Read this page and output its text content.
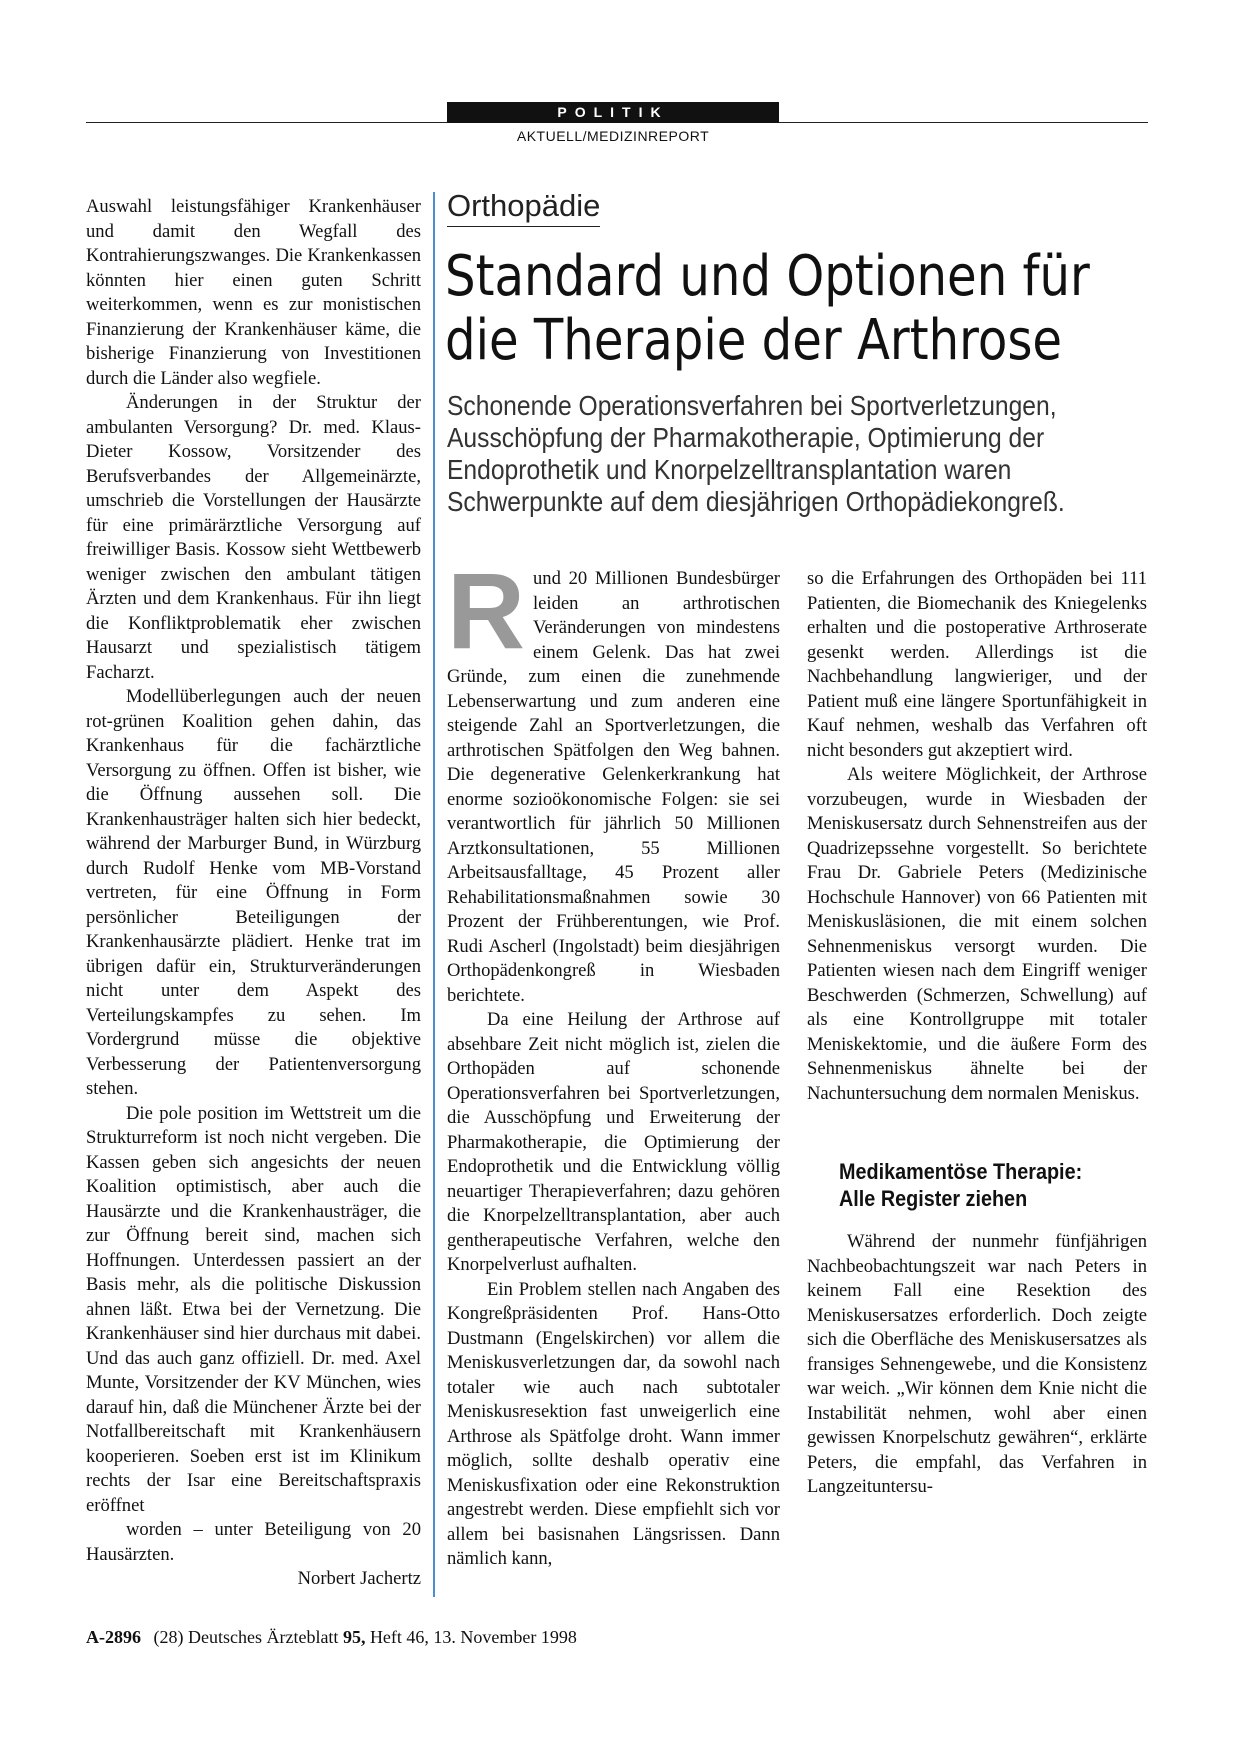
POLITIK
AKTUELL/MEDIZINREPORT

Auswahl leistungsfähiger Krankenhäuser und damit den Wegfall des Kontrahierungszwanges. Die Krankenkassen könnten hier einen guten Schritt weiterkommen, wenn es zur monistischen Finanzierung der Krankenhäuser käme, die bisherige Finanzierung von Investitionen durch die Länder also wegfiele.

Änderungen in der Struktur der ambulanten Versorgung? Dr. med. Klaus-Dieter Kossow, Vorsitzender des Berufsverbandes der Allgemeinärzte, umschrieb die Vorstellungen der Hausärzte für eine primärärztliche Versorgung auf freiwilliger Basis. Kossow sieht Wettbewerb weniger zwischen den ambulant tätigen Ärzten und dem Krankenhaus. Für ihn liegt die Konfliktproblematik eher zwischen Hausarzt und spezialistisch tätigem Facharzt.

Modellüberlegungen auch der neuen rot-grünen Koalition gehen dahin, das Krankenhaus für die fachärztliche Versorgung zu öffnen. Offen ist bisher, wie die Öffnung aussehen soll. Die Krankenhausträger halten sich hier bedeckt, während der Marburger Bund, in Würzburg durch Rudolf Henke vom MB-Vorstand vertreten, für eine Öffnung in Form persönlicher Beteiligungen der Krankenhausärzte plädiert. Henke trat im übrigen dafür ein, Strukturveränderungen nicht unter dem Aspekt des Verteilungskampfes zu sehen. Im Vordergrund müsse die objektive Verbesserung der Patientenversorgung stehen.

Die pole position im Wettstreit um die Strukturreform ist noch nicht vergeben. Die Kassen geben sich angesichts der neuen Koalition optimistisch, aber auch die Hausärzte und die Krankenhausträger, die zur Öffnung bereit sind, machen sich Hoffnungen. Unterdessen passiert an der Basis mehr, als die politische Diskussion ahnen läßt. Etwa bei der Vernetzung. Die Krankenhäuser sind hier durchaus mit dabei. Und das auch ganz offiziell. Dr. med. Axel Munte, Vorsitzender der KV München, wies darauf hin, daß die Münchener Ärzte bei der Notfallbereitschaft mit Krankenhäusern kooperieren. Soeben erst ist im Klinikum rechts der Isar eine Bereitschaftspraxis eröffnet

worden – unter Beteiligung von 20 Hausärzten.

Norbert Jachertz

Orthopädie
Standard und Optionen für
die Therapie der Arthrose

Schonende Operationsverfahren bei Sportverletzungen,
Ausschöpfung der Pharmakotherapie, Optimierung der
Endoprothetik und Knorpelzelltransplantation waren
Schwerpunkte auf dem diesjährigen Orthopädiekongreß.

Rund 20 Millionen Bundesbürger leiden an arthrotischen Veränderungen von mindestens einem Gelenk. Das hat zwei Gründe, zum einen die zunehmende Lebenserwartung und zum anderen eine steigende Zahl an Sportverletzungen, die arthrotischen Spätfolgen den Weg bahnen. Die degenerative Gelenkerkrankung hat enorme sozioökonomische Folgen: sie sei verantwortlich für jährlich 50 Millionen Arztkonsultationen, 55 Millionen Arbeitsausfalltage, 45 Prozent aller Rehabilitationsmaßnahmen sowie 30 Prozent der Frühberentungen, wie Prof. Rudi Ascherl (Ingolstadt) beim diesjährigen Orthopädenkongreß in Wiesbaden berichtete.

Da eine Heilung der Arthrose auf absehbare Zeit nicht möglich ist, zielen die Orthopäden auf schonende Operationsverfahren bei Sportverletzungen, die Ausschöpfung und Erweiterung der Pharmakotherapie, die Optimierung der Endoprothetik und die Entwicklung völlig neuartiger Therapieverfahren; dazu gehören die Knorpelzelltransplantation, aber auch gentherapeutische Verfahren, welche den Knorpelverlust aufhalten.

Ein Problem stellen nach Angaben des Kongreßpräsidenten Prof. Hans-Otto Dustmann (Engelskirchen) vor allem die Meniskusverletzungen dar, da sowohl nach totaler wie auch nach subtotaler Meniskusresektion fast unweigerlich eine Arthrose als Spätfolge droht. Wann immer möglich, sollte deshalb operativ eine Meniskusfixation oder eine Rekonstruktion angestrebt werden. Diese empfiehlt sich vor allem bei basisnahen Längsrissen. Dann nämlich kann,

so die Erfahrungen des Orthopäden bei 111 Patienten, die Biomechanik des Kniegelenks erhalten und die postoperative Arthroserate gesenkt werden. Allerdings ist die Nachbehandlung langwieriger, und der Patient muß eine längere Sportunfähigkeit in Kauf nehmen, weshalb das Verfahren oft nicht besonders gut akzeptiert wird.

Als weitere Möglichkeit, der Arthrose vorzubeugen, wurde in Wiesbaden der Meniskusersatz durch Sehnenstreifen aus der Quadrizepssehne vorgestellt. So berichtete Frau Dr. Gabriele Peters (Medizinische Hochschule Hannover) von 66 Patienten mit Meniskusläsionen, die mit einem solchen Sehnenmeniskus versorgt wurden. Die Patienten wiesen nach dem Eingriff weniger Beschwerden (Schmerzen, Schwellung) auf als eine Kontrollgruppe mit totaler Meniskektomie, und die äußere Form des Sehnenmeniskus ähnelte bei der Nachuntersuchung dem normalen Meniskus.

Medikamentöse Therapie:
Alle Register ziehen

Während der nunmehr fünfjährigen Nachbeobachtungszeit war nach Peters in keinem Fall eine Resektion des Meniskusersatzes erforderlich. Doch zeigte sich die Oberfläche des Meniskusersatzes als fransiges Sehnengewebe, und die Konsistenz war weich. „Wir können dem Knie nicht die Instabilität nehmen, wohl aber einen gewissen Knorpelschutz gewähren“, erklärte Peters, die empfahl, das Verfahren in Langzeituntersu-

A-2896 (28) Deutsches Ärzteblatt 95, Heft 46, 13. November 1998
